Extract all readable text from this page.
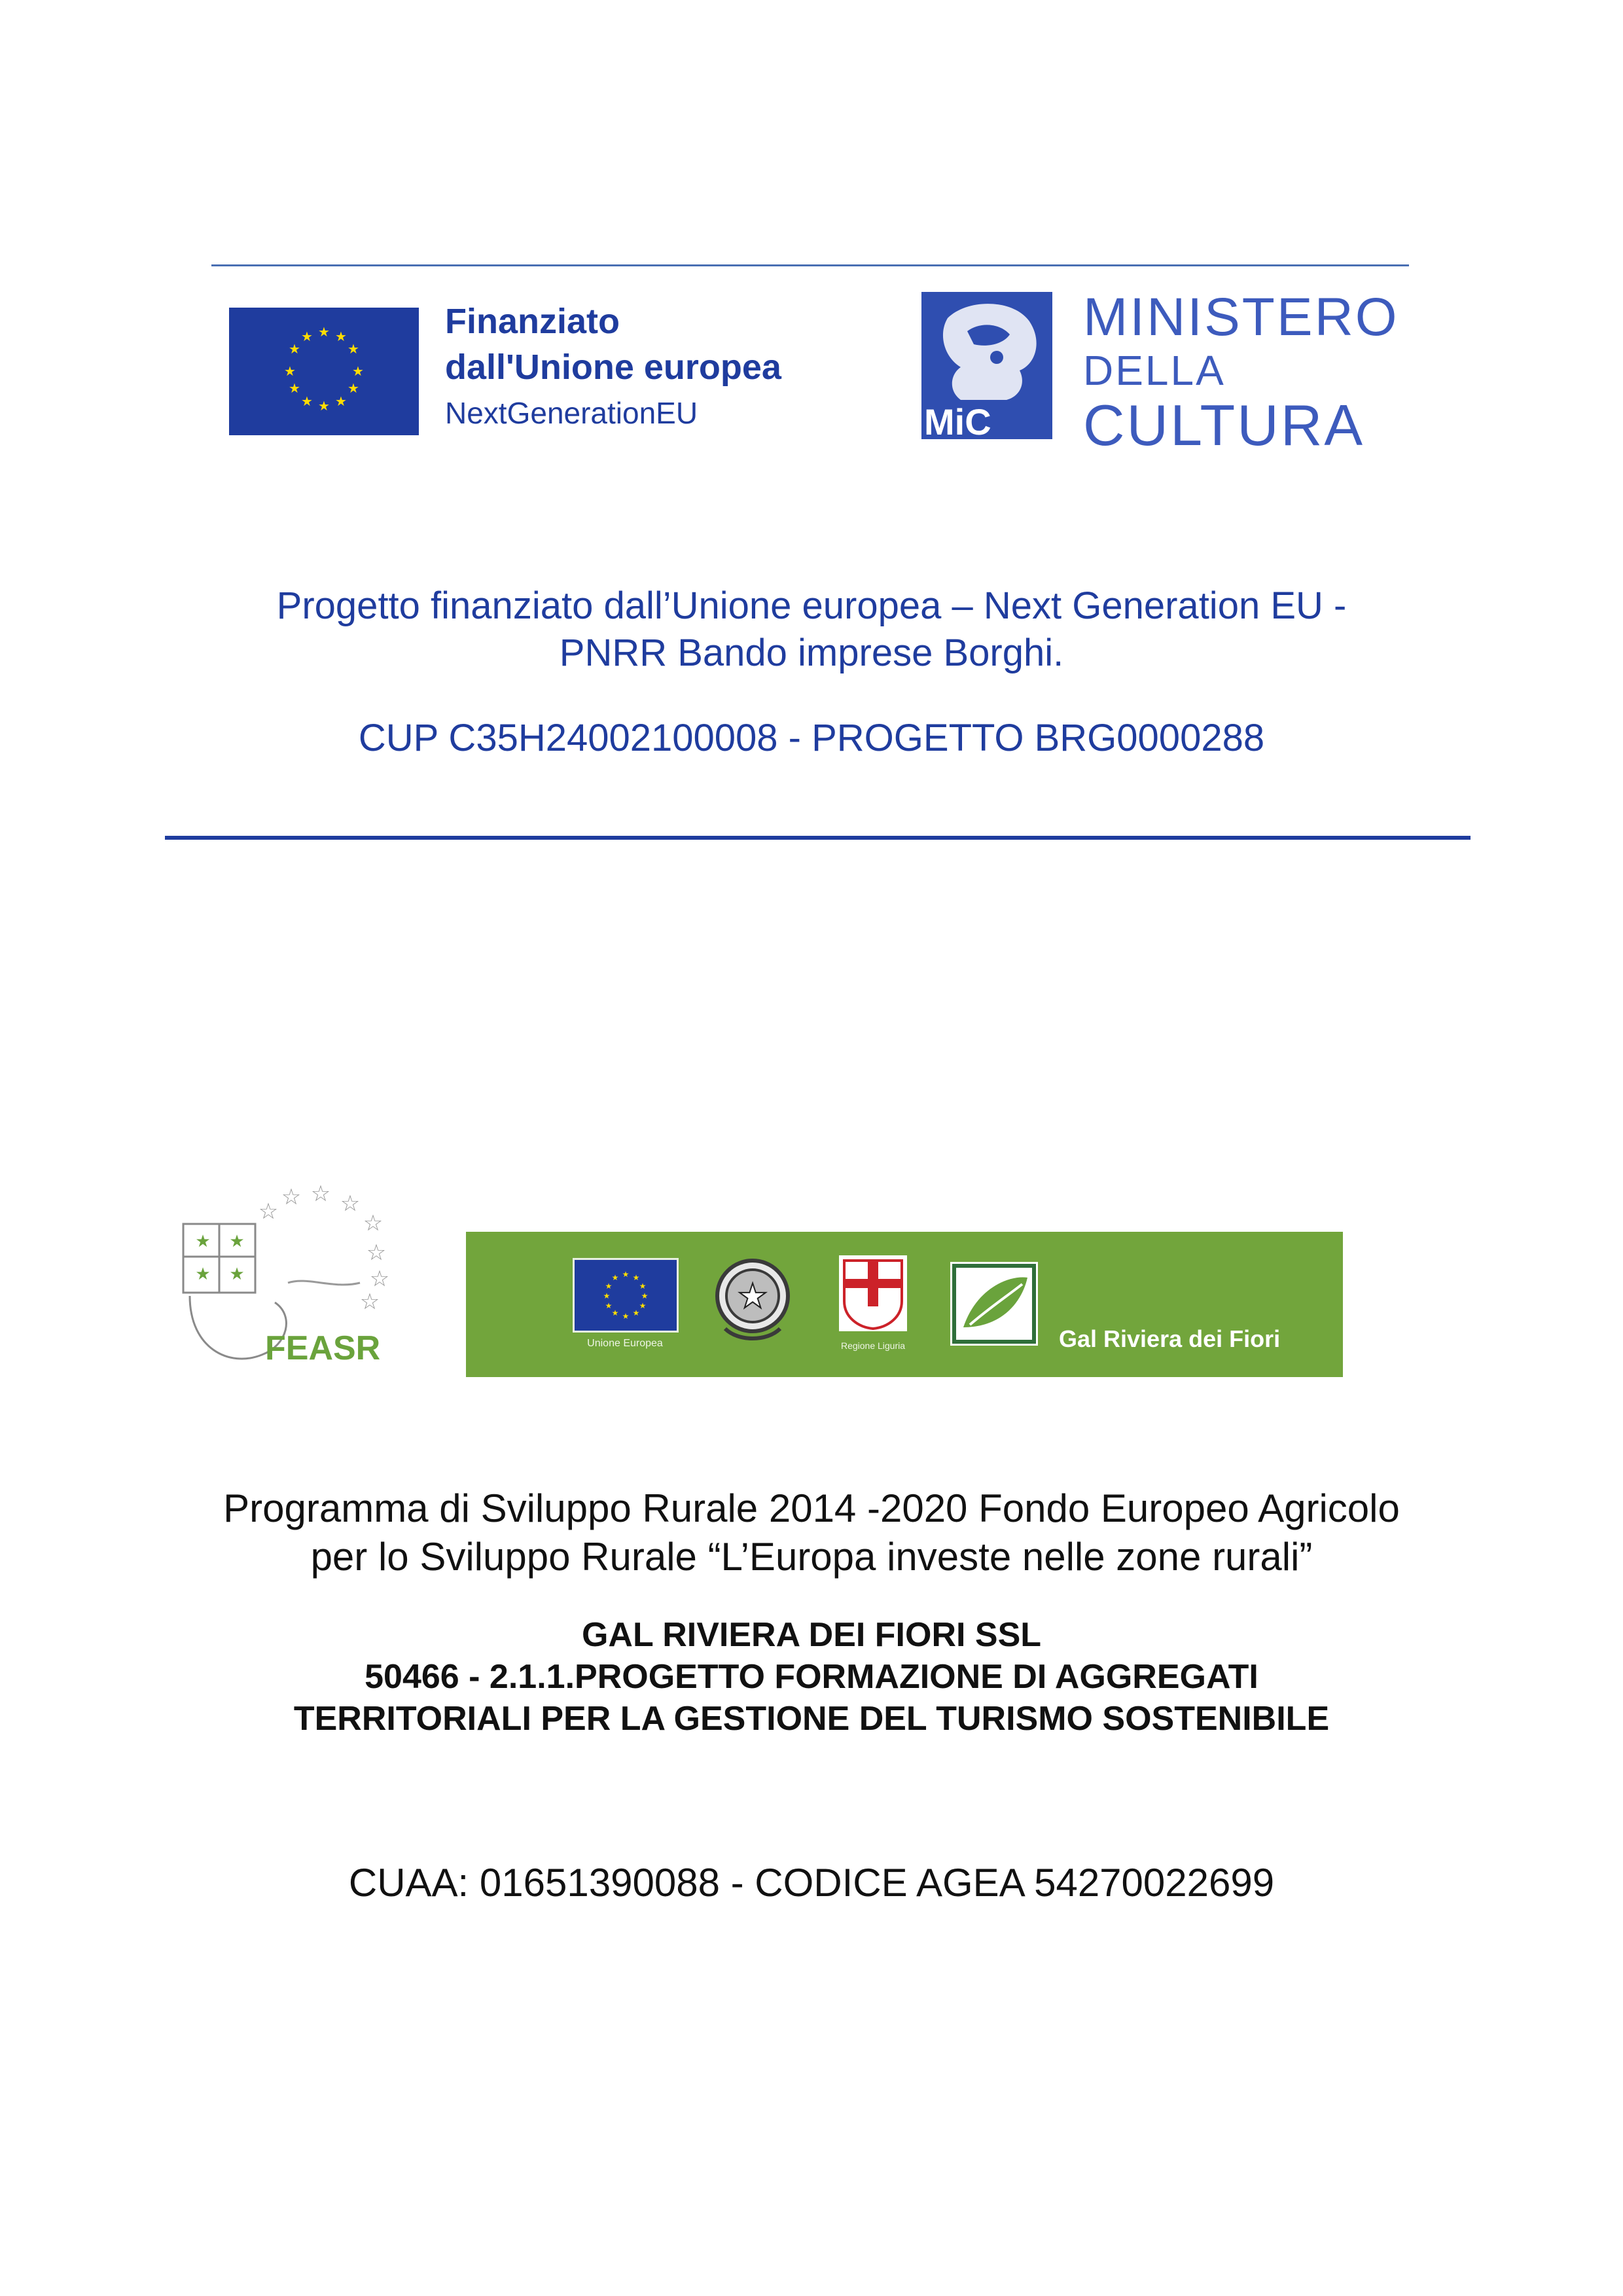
★ ★
★
★
★
★
★
★
★
★
★
★	Finanziato
dall'Unione europea
NextGenerationEU	MiC
MINISTERO
DELLA
CULTURA
Progetto finanziato dall’Unione europea – Next Generation EU -
PNRR Bando imprese Borghi.
CUP C35H24002100008 - PROGETTO BRG0000288
☆ ☆ ☆
☆	☆
☆
☆
☆
★ ★
★ ★
FEASR
★ ★
★
★
★
★
★
★
★
★
★
★
Unione Europea
★
Regione Liguria	Gal Riviera dei Fiori
Programma di Sviluppo Rurale 2014 -2020 Fondo Europeo Agricolo
per lo Sviluppo Rurale “L’Europa investe nelle zone rurali”
GAL RIVIERA DEI FIORI SSL
50466 - 2.1.1.PROGETTO FORMAZIONE DI AGGREGATI
TERRITORIALI PER LA GESTIONE DEL TURISMO SOSTENIBILE
CUAA: 01651390088 - CODICE AGEA 54270022699
